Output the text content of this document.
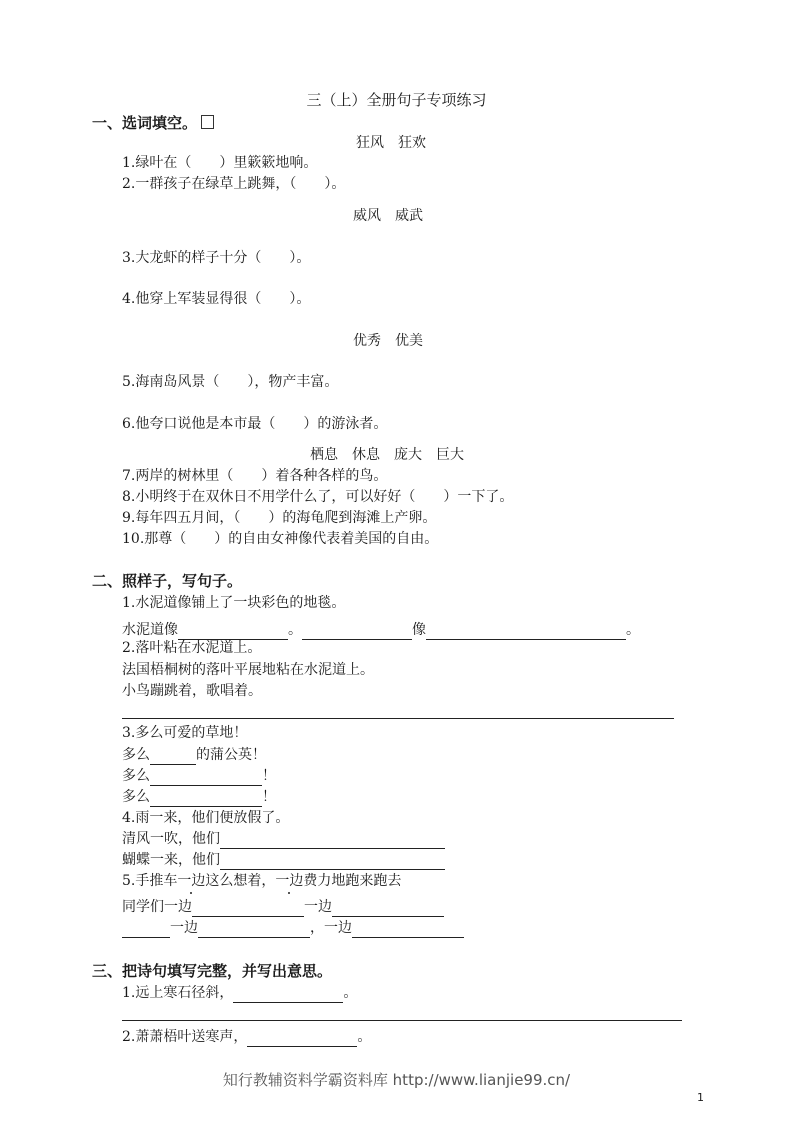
三（上）全册句子专项练习
一、选词填空。
狂风　狂欢
1.绿叶在（　　）里簌簌地响。
2.一群孩子在绿草上跳舞，（　　）。
威风　威武
3.大龙虾的样子十分（　　）。
4.他穿上军装显得很（　　）。
优秀　优美
5.海南岛风景（　　），物产丰富。
6.他夸口说他是本市最（　　）的游泳者。
栖息　休息　庞大　巨大
7.两岸的树林里（　　）着各种各样的鸟。
8.小明终于在双休日不用学什么了，可以好好（　　）一下了。
9.每年四五月间，（　　）的海龟爬到海滩上产卵。
10.那尊（　　）的自由女神像代表着美国的自由。
二、照样子，写句子。
1.水泥道像铺上了一块彩色的地毯。
水泥道像	。	像	。
2.落叶粘在水泥道上。
法国梧桐树的落叶平展地粘在水泥道上。
小鸟蹦跳着，歌唱着。
3.多么可爱的草地！
多么	的蒲公英！
多么	！
多么	！
4.雨一来，他们便放假了。
清风一吹，他们
蝴蝶一来，他们
5.手推车一边这么想着，一边费力地跑来跑去
同学们一边	一边
一边	，一边
三、把诗句填写完整，并写出意思。
1.远上寒石径斜，	。
2.萧萧梧叶送寒声，	。
知行教辅资料学霸资料库 http://www.lianjie99.cn/
1
